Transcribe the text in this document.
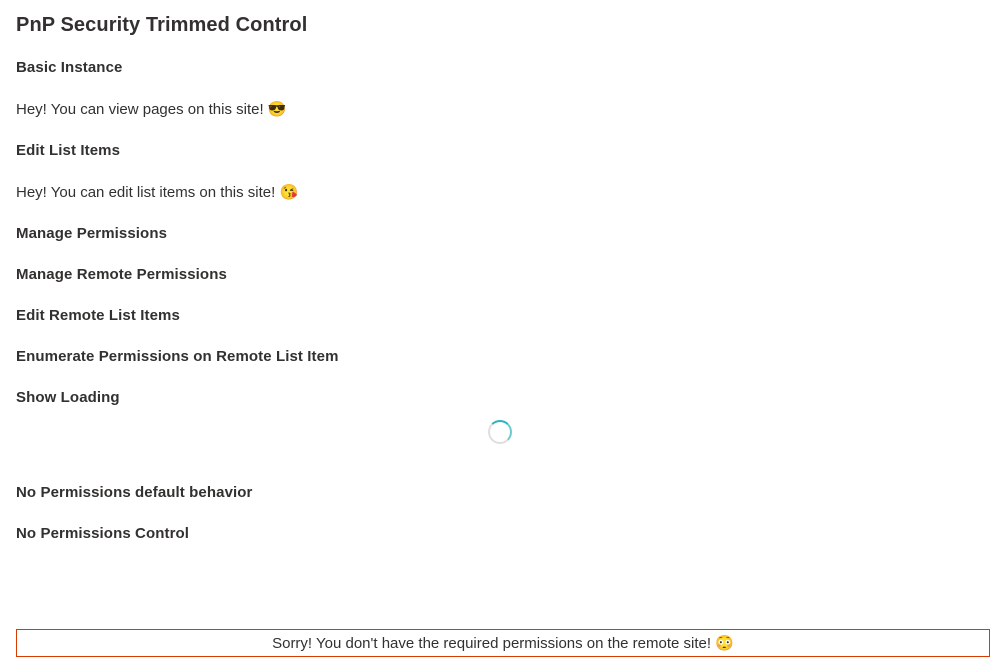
PnP Security Trimmed Control
Basic Instance
Hey! You can view pages on this site! 😎
Edit List Items
Hey! You can edit list items on this site! 😘
Manage Permissions
Manage Remote Permissions
Edit Remote List Items
Enumerate Permissions on Remote List Item
Show Loading
No Permissions default behavior
No Permissions Control
Sorry! You don't have the required permissions on the remote site! 😳
